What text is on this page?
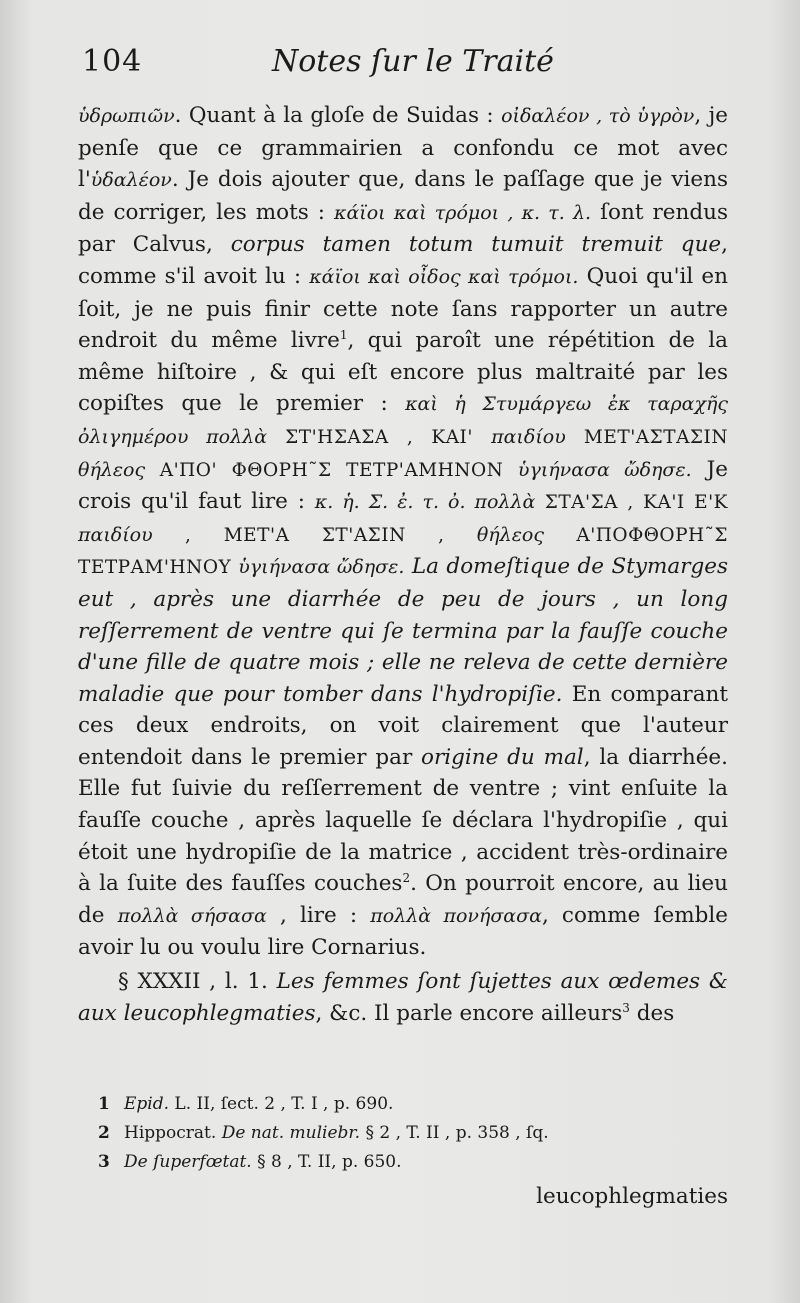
104	Notes ſur le Traité

ὑδρωπιῶν. Quant à la gloſe de Suidas : οἰδαλέον , τὸ ὑγρὸν, je penſe que ce grammairien a confondu ce mot avec l'ὑδαλέον. Je dois ajouter que, dans le paſſage que je viens de corriger, les mots : κάϊοι καὶ τρόμοι , κ. τ. λ. ſont rendus par Calvus, corpus tamen totum tumuit tremuit que, comme s'il avoit lu : κάϊοι καὶ οἶδος καὶ τρόμοι. Quoi qu'il en ſoit, je ne puis finir cette note ſans rapporter un autre endroit du même livre$^1$, qui paroît une répétition de la même hiſtoire , & qui eſt encore plus maltraité par les copiſtes que le premier : καὶ ἡ Στυμάργεω ἐκ ταραχῆς ὀλιγημέρου πολλὰ ΣΤ'ΗΣΑΣΑ , ΚΑΙ' παιδίου ΜΕΤ'ΑΣΤΑΣΙΝ θήλεος Α'ΠΟ' ΦΘΟΡΗ˜Σ ΤΕΤΡ'ΑΜΗΝΟΝ ὑγιήνασα ὤδησε. Je crois qu'il faut lire : κ. ἡ. Σ. ἐ. τ. ὀ. πολλὰ ΣΤΑ'ΣΑ , ΚΑ'Ι Ε'Κ παιδίου , ΜΕΤ'Α ΣΤ'ΑΣΙΝ , θήλεος Α'ΠΟΦΘΟΡΗ˜Σ ΤΕΤΡΑΜ'ΗΝΟΥ ὑγιήνασα ὤδησε. La domeſtique de Stymarges eut , après une diarrhée de peu de jours , un long reſſerrement de ventre qui ſe termina par la fauſſe couche d'une fille de quatre mois ; elle ne releva de cette dernière maladie que pour tomber dans l'hydropiſie. En comparant ces deux endroits, on voit clairement que l'auteur entendoit dans le premier par origine du mal, la diarrhée. Elle fut ſuivie du reſſerrement de ventre ; vint enſuite la fauſſe couche , après laquelle ſe déclara l'hydropiſie , qui étoit une hydropiſie de la matrice , accident très-ordinaire à la ſuite des fauſſes couches$^2$. On pourroit encore, au lieu de πολλὰ σήσασα , lire : πολλὰ πονήσασα, comme ſemble avoir lu ou voulu lire Cornarius.

§ XXXII , l. 1. Les femmes ſont ſujettes aux œdemes & aux leucophlegmaties, &c. Il parle encore ailleurs$^3$ des

1 Epid. L. II, ſect. 2 , T. I , p. 690.
2 Hippocrat. De nat. muliebr. § 2 , T. II , p. 358 , ſq.
3 De ſuperfœtat. § 8 , T. II, p. 650.
leucophlegmaties
